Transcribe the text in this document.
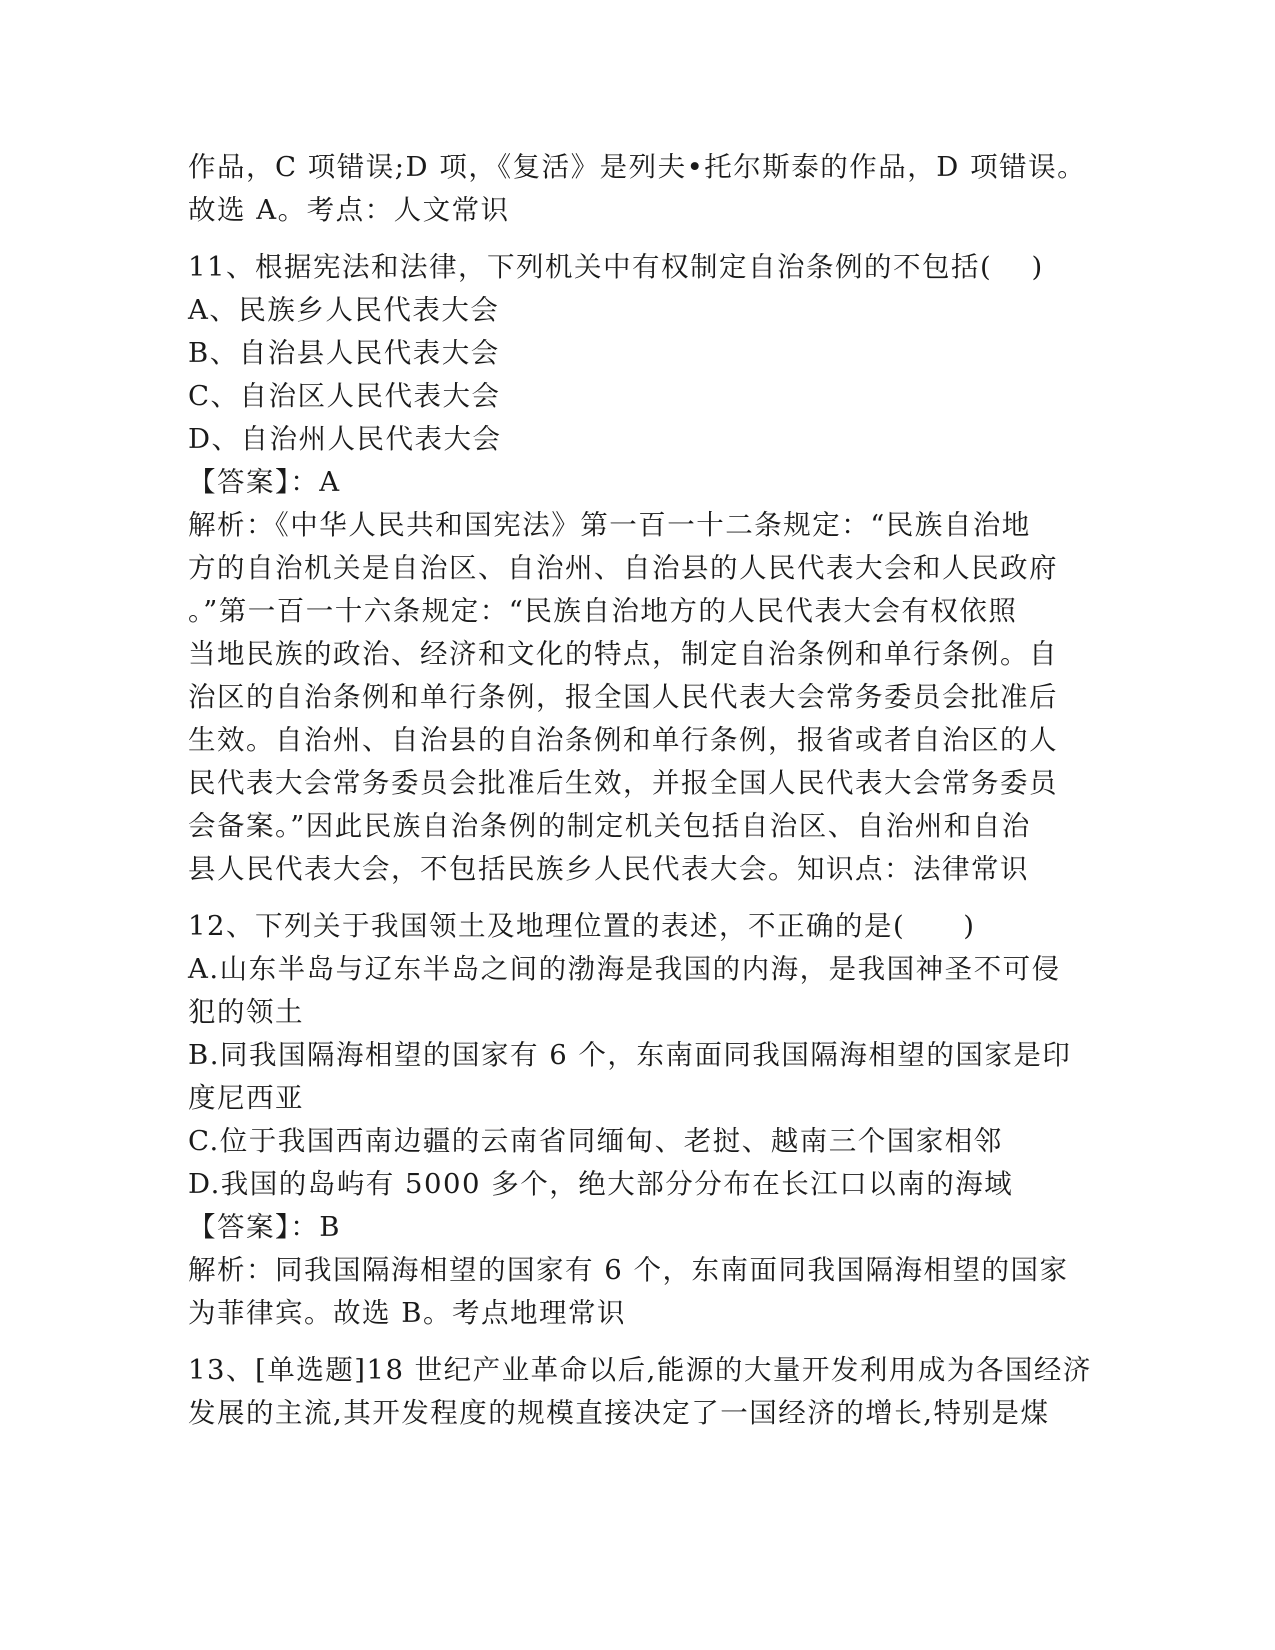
作品，C 项错误;D 项，《复活》是列夫•托尔斯泰的作品，D 项错误。
故选 A。考点：人文常识
11、根据宪法和法律，下列机关中有权制定自治条例的不包括(　 )
A、民族乡人民代表大会
B、自治县人民代表大会
C、自治区人民代表大会
D、自治州人民代表大会
【答案】：A
解析：《中华人民共和国宪法》第一百一十二条规定：“民族自治地
方的自治机关是自治区、自治州、自治县的人民代表大会和人民政府
。”第一百一十六条规定：“民族自治地方的人民代表大会有权依照
当地民族的政治、经济和文化的特点，制定自治条例和单行条例。自
治区的自治条例和单行条例，报全国人民代表大会常务委员会批准后
生效。自治州、自治县的自治条例和单行条例，报省或者自治区的人
民代表大会常务委员会批准后生效，并报全国人民代表大会常务委员
会备案。”因此民族自治条例的制定机关包括自治区、自治州和自治
县人民代表大会，不包括民族乡人民代表大会。知识点：法律常识
12、下列关于我国领土及地理位置的表述，不正确的是(　　)
A.山东半岛与辽东半岛之间的渤海是我国的内海，是我国神圣不可侵
犯的领土
B.同我国隔海相望的国家有 6 个，东南面同我国隔海相望的国家是印
度尼西亚
C.位于我国西南边疆的云南省同缅甸、老挝、越南三个国家相邻
D.我国的岛屿有 5000 多个，绝大部分分布在长江口以南的海域
【答案】：B
解析：同我国隔海相望的国家有 6 个，东南面同我国隔海相望的国家
为菲律宾。故选 B。考点地理常识
13、[单选题]18 世纪产业革命以后,能源的大量开发利用成为各国经济
发展的主流,其开发程度的规模直接决定了一国经济的增长,特别是煤
